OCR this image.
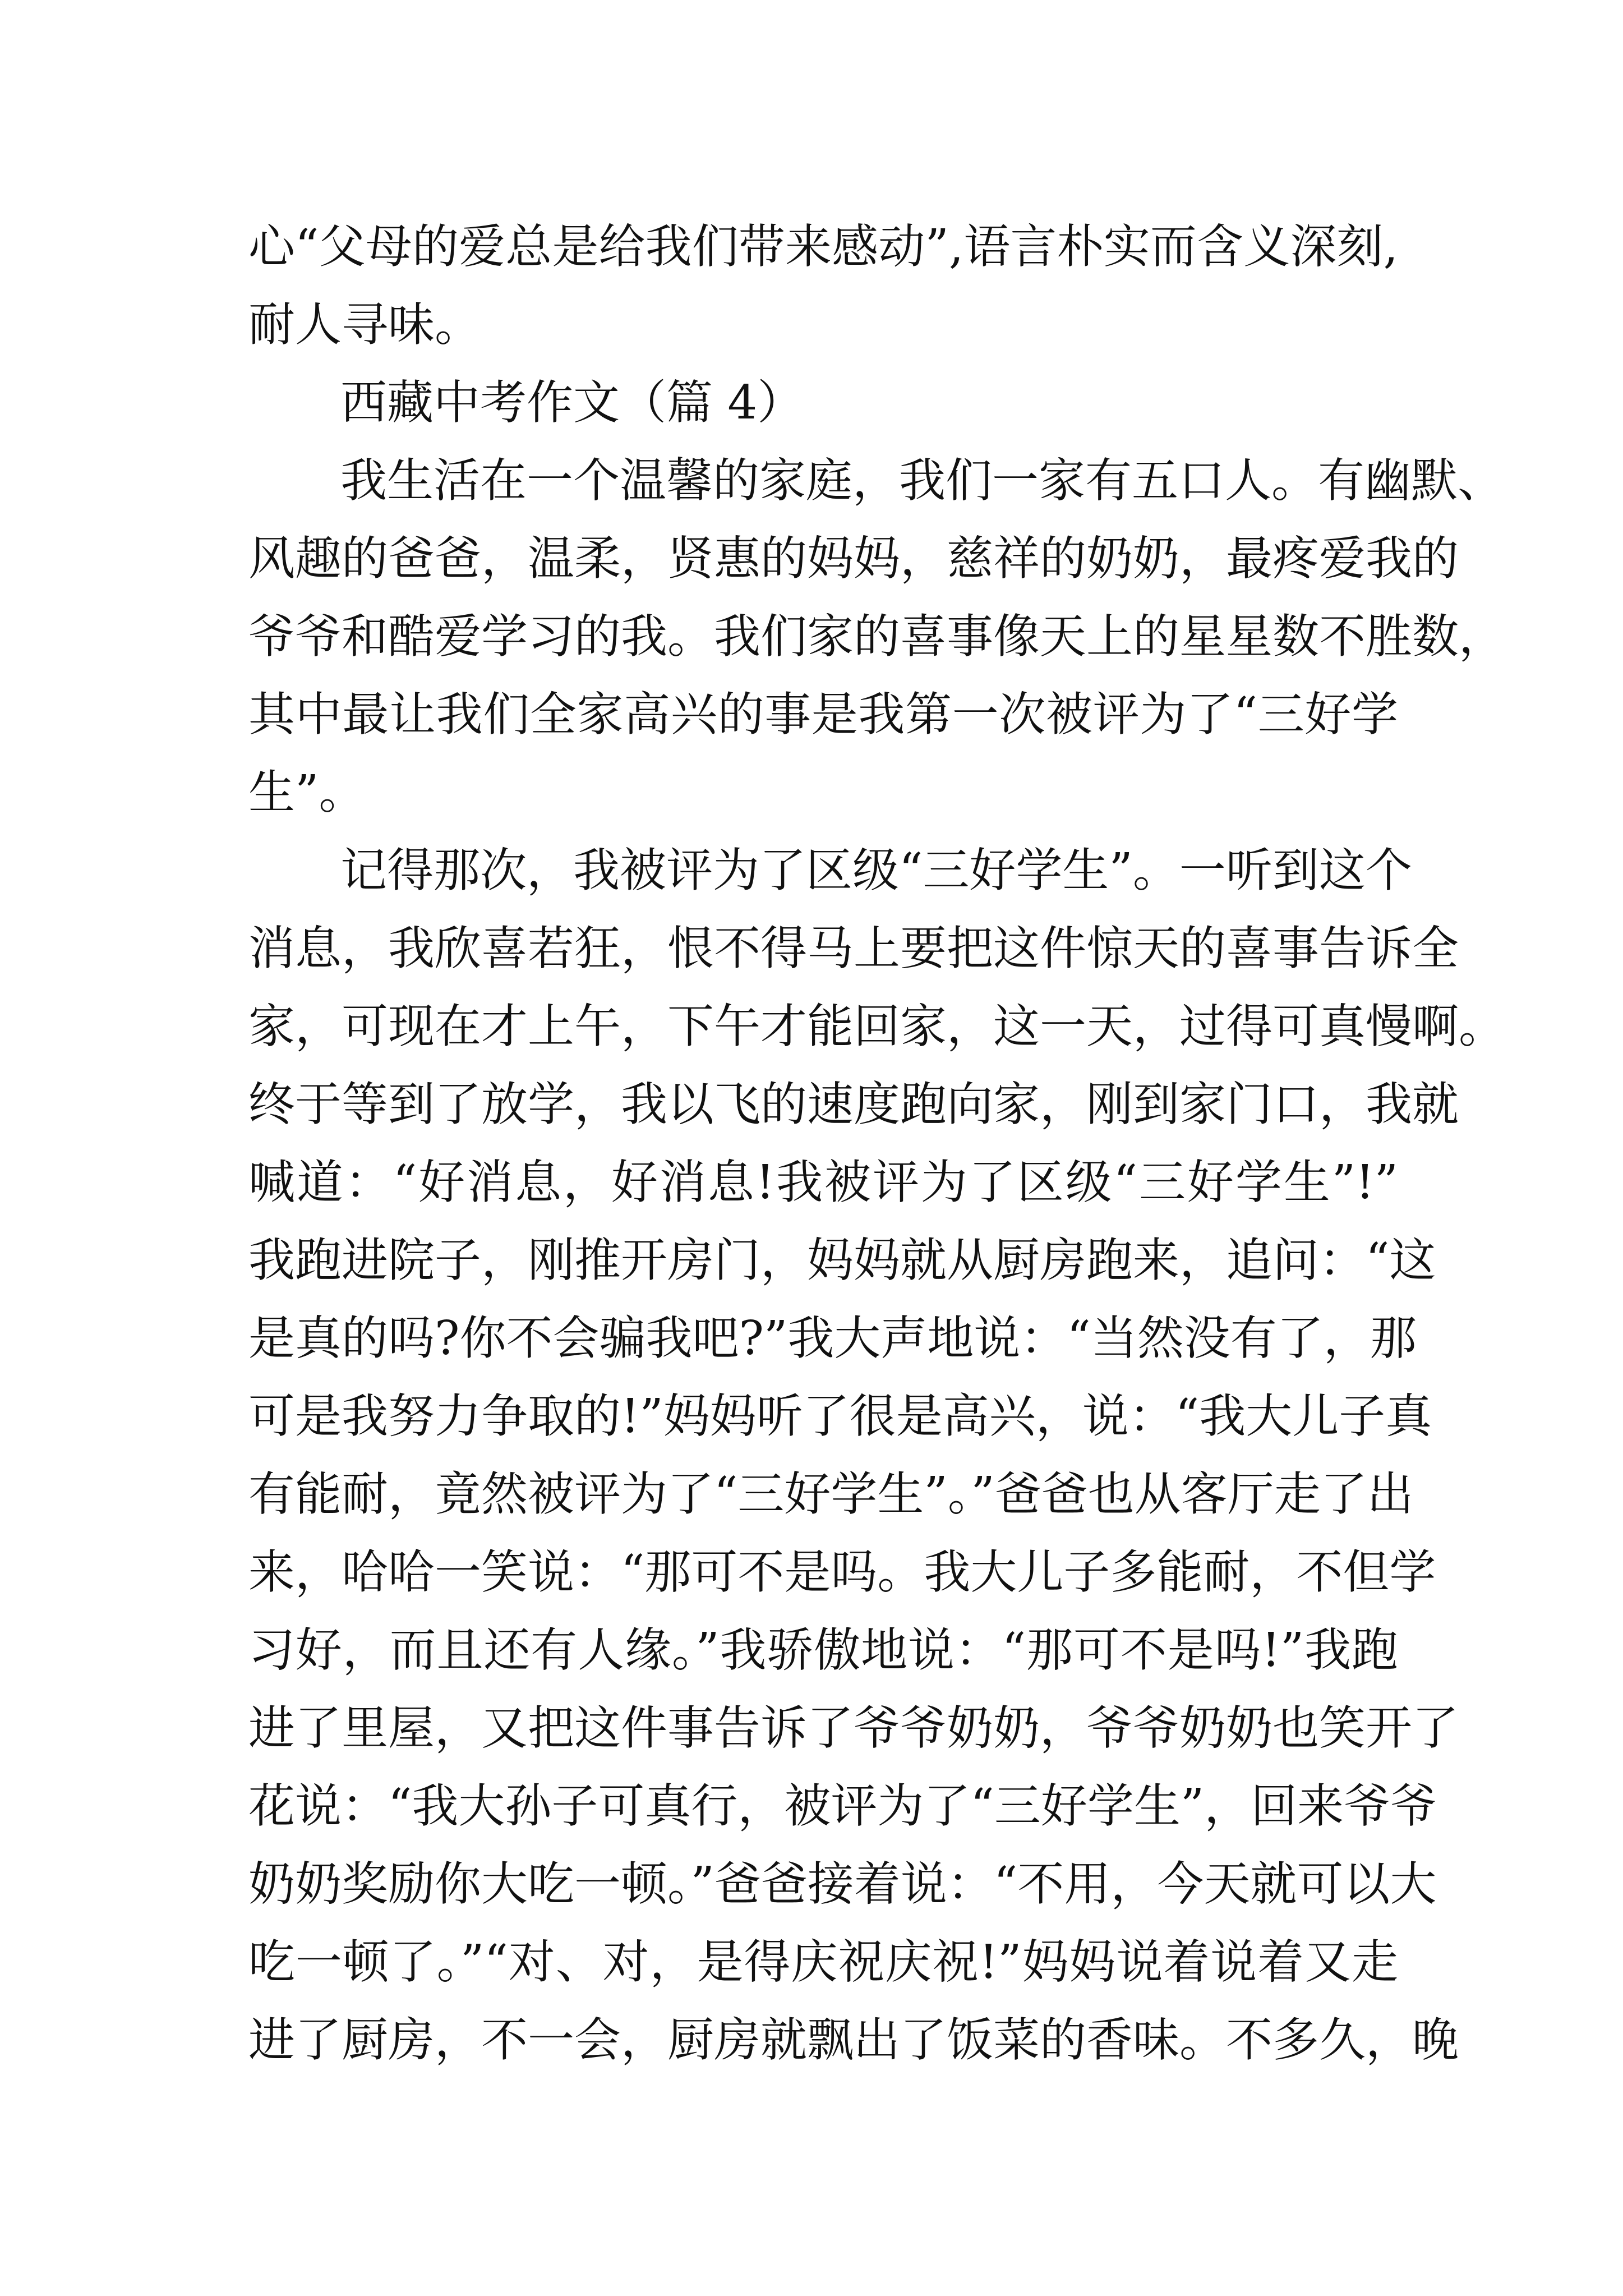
心“父母的爱总是给我们带来感动”,语言朴实而含义深刻,
耐人寻味。
西藏中考作文（篇 4）
我生活在一个温馨的家庭，我们一家有五口人。有幽默、
风趣的爸爸，温柔，贤惠的妈妈，慈祥的奶奶，最疼爱我的
爷爷和酷爱学习的我。我们家的喜事像天上的星星数不胜数，
其中最让我们全家高兴的事是我第一次被评为了“三好学
生”。
记得那次，我被评为了区级“三好学生”。一听到这个
消息，我欣喜若狂，恨不得马上要把这件惊天的喜事告诉全
家，可现在才上午，下午才能回家，这一天，过得可真慢啊。
终于等到了放学，我以飞的速度跑向家，刚到家门口，我就
喊道：“好消息，好消息!我被评为了区级“三好学生”!”
我跑进院子，刚推开房门，妈妈就从厨房跑来，追问：“这
是真的吗?你不会骗我吧?”我大声地说：“当然没有了，那
可是我努力争取的!”妈妈听了很是高兴，说：“我大儿子真
有能耐，竟然被评为了“三好学生”。”爸爸也从客厅走了出
来，哈哈一笑说：“那可不是吗。我大儿子多能耐，不但学
习好，而且还有人缘。”我骄傲地说：“那可不是吗!”我跑
进了里屋，又把这件事告诉了爷爷奶奶，爷爷奶奶也笑开了
花说：“我大孙子可真行，被评为了“三好学生”，回来爷爷
奶奶奖励你大吃一顿。”爸爸接着说：“不用，今天就可以大
吃一顿了。”“对、对，是得庆祝庆祝!”妈妈说着说着又走
进了厨房，不一会，厨房就飘出了饭菜的香味。不多久，晚
